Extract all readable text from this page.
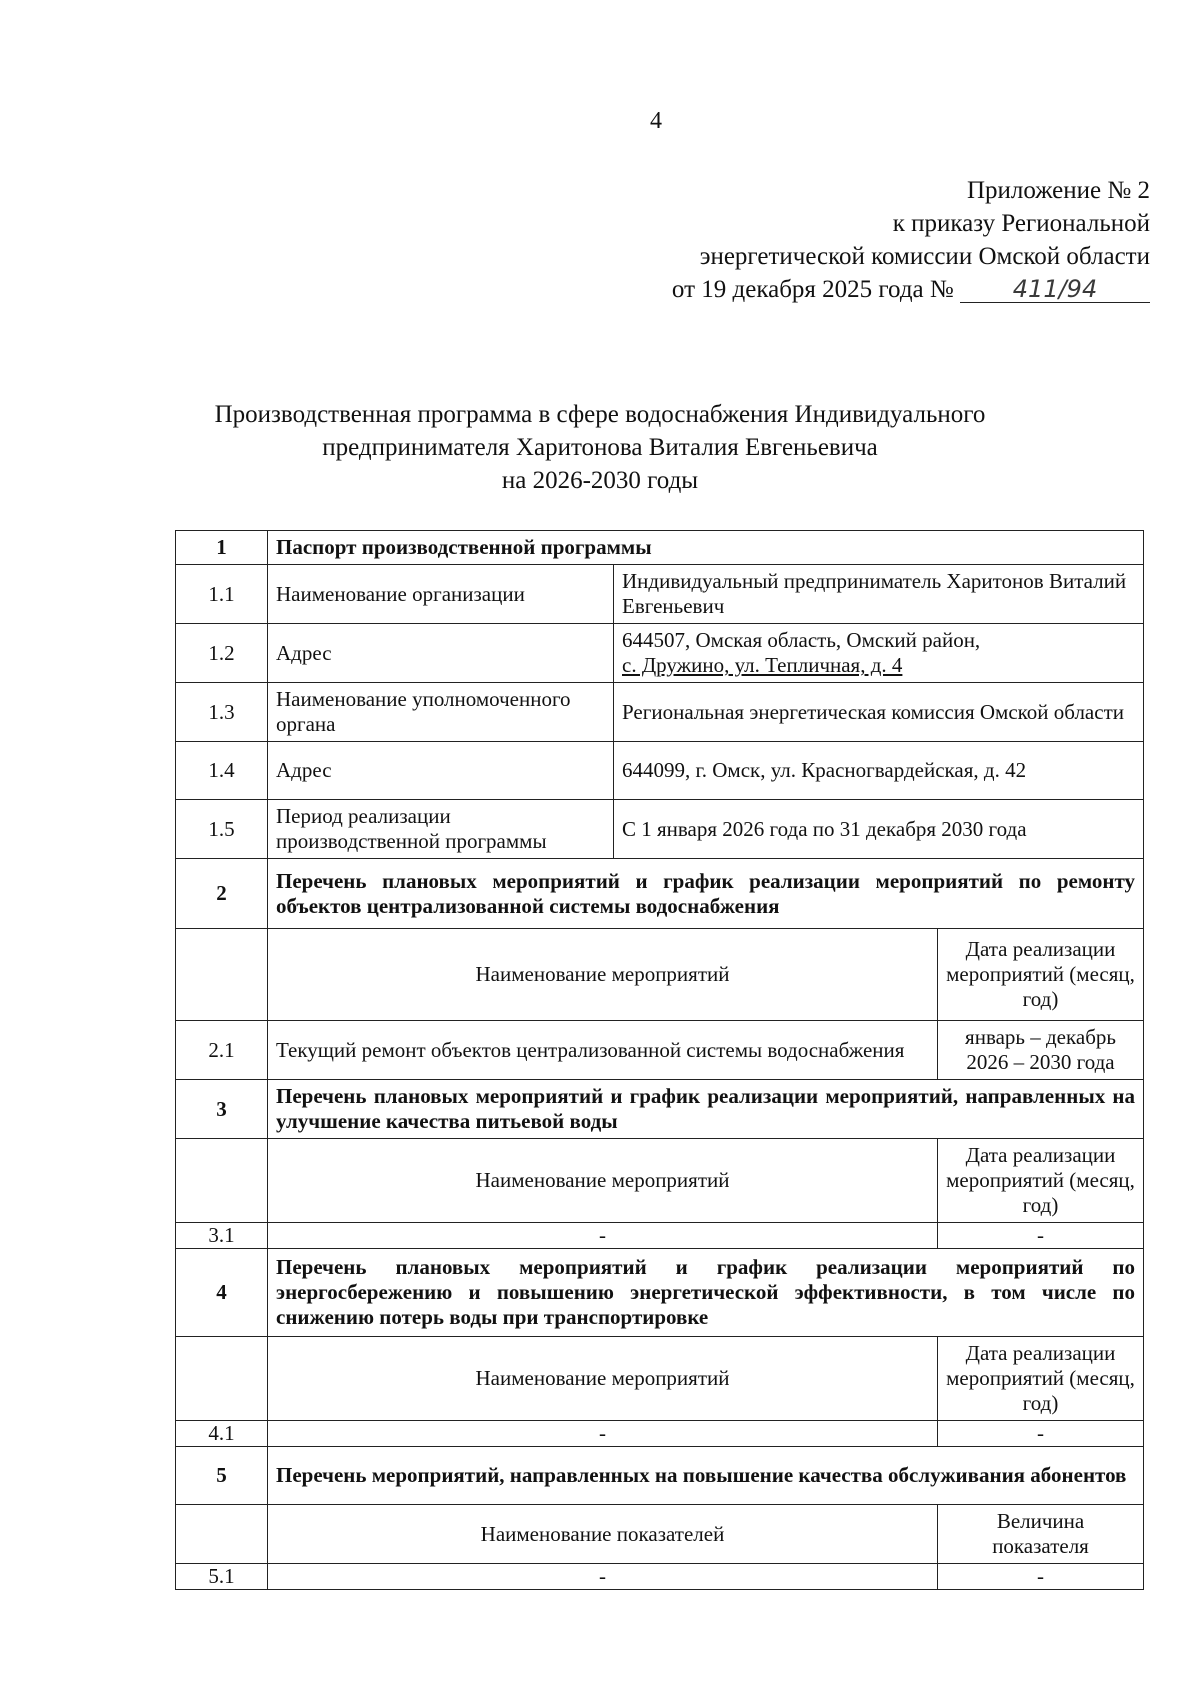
4
Приложение № 2
к приказу Региональной
энергетической комиссии Омской области
от 19 декабря 2025 года № 411/94
Производственная программа в сфере водоснабжения Индивидуального
предпринимателя Харитонова Виталия Евгеньевича
на 2026-2030 годы
1	Паспорт производственной программы		
1.1	Наименование организации	Индивидуальный предприниматель Харитонов Виталий Евгеньевич	
1.2	Адрес	644507, Омская область, Омский район,
с. Дружино, ул. Тепличная, д. 4	

1.3	Наименование уполномоченного органа	Региональная энергетическая комиссия Омской области	
1.4	Адрес	644099, г. Омск, ул. Красногвардейская, д. 42	
1.5	Период реализации производственной программы	С 1 января 2026 года по 31 декабря 2030 года	
2	Перечень плановых мероприятий и график реализации мероприятий по ремонту объектов централизованной системы водоснабжения		
	Наименование мероприятий		Дата реализации мероприятий (месяц, год)
2.1	Текущий ремонт объектов централизованной системы водоснабжения		январь – декабрь 2026 – 2030 года
3	Перечень плановых мероприятий и график реализации мероприятий, направленных на улучшение качества питьевой воды		
	Наименование мероприятий		Дата реализации мероприятий (месяц, год)
3.1	-		-
4	Перечень плановых мероприятий и график реализации мероприятий по энергосбережению и повышению энергетической эффективности, в том числе по снижению потерь воды при транспортировке		
	Наименование мероприятий		Дата реализации мероприятий (месяц, год)
4.1	-		-
5	Перечень мероприятий, направленных на повышение качества обслуживания абонентов		
	Наименование показателей		Величина показателя
5.1	-		-
